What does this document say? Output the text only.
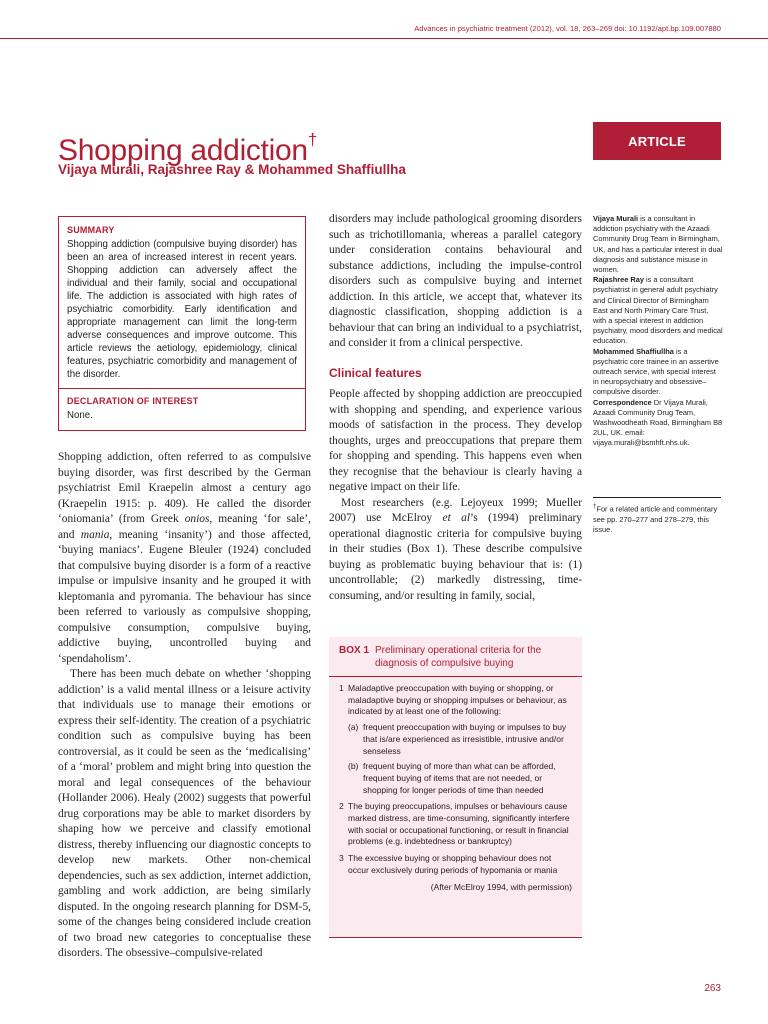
Advances in psychiatric treatment (2012), vol. 18, 263–269 doi: 10.1192/apt.bp.109.007880
Shopping addiction†
Vijaya Murali, Rajashree Ray & Mohammed Shaffiullha
ARTICLE
SUMMARY

Shopping addiction (compulsive buying disorder) has been an area of increased interest in recent years. Shopping addiction can adversely affect the individual and their family, social and occupational life. The addiction is associated with high rates of psychiatric comorbidity. Early identification and appropriate management can limit the long-term adverse consequences and improve outcome. This article reviews the aetiology, epidemiology, clinical features, psychiatric comorbidity and management of the disorder.

DECLARATION OF INTEREST

None.

Shopping addiction, often referred to as compulsive buying disorder, was first described by the German psychiatrist Emil Kraepelin almost a century ago (Kraepelin 1915: p. 409). He called the disorder ‘oniomania’ (from Greek onios, meaning ‘for sale’, and mania, meaning ‘insanity’) and those affected, ‘buying maniacs’. Eugene Bleuler (1924) concluded that compulsive buying disorder is a form of a reactive impulse or impulsive insanity and he grouped it with kleptomania and pyromania. The behaviour has since been referred to variously as compulsive shopping, compulsive consumption, compulsive buying, addictive buying, uncontrolled buying and ‘spendaholism’.

There has been much debate on whether ‘shopping addiction’ is a valid mental illness or a leisure activity that individuals use to manage their emotions or express their self-identity. The creation of a psychiatric condition such as compulsive buying has been controversial, as it could be seen as the ‘medicalising’ of a ‘moral’ problem and might bring into question the moral and legal consequences of the behaviour (Hollander 2006). Healy (2002) suggests that powerful drug corporations may be able to market disorders by shaping how we perceive and classify emotional distress, thereby influencing our diagnostic concepts to develop new markets. Other non-chemical dependencies, such as sex addiction, internet addiction, gambling and work addiction, are being similarly disputed. In the ongoing research planning for DSM-5, some of the changes being considered include creation of two broad new categories to conceptualise these disorders. The obsessive–compulsive-related

disorders may include pathological grooming disorders such as trichotillomania, whereas a parallel category under consideration contains behavioural and substance addictions, including the impulse-control disorders such as compulsive buying and internet addiction. In this article, we accept that, whatever its diagnostic classification, shopping addiction is a behaviour that can bring an individual to a psychiatrist, and consider it from a clinical perspective.

Clinical features

People affected by shopping addiction are preoccupied with shopping and spending, and experience various moods of satisfaction in the process. They develop thoughts, urges and preoccupations that prepare them for shopping and spending. This happens even when they recognise that the behaviour is clearly having a negative impact on their life.

Most researchers (e.g. Lejoyeux 1999; Mueller 2007) use McElroy et al’s (1994) preliminary operational diagnostic criteria for compulsive buying in their studies (Box 1). These describe compulsive buying as problematic buying behaviour that is: (1) uncontrollable; (2) markedly distressing, time-consuming, and/or resulting in family, social,

Vijaya Murali is a consultant in addiction psychiatry with the Azaadi Community Drug Team in Birmingham, UK, and has a particular interest in dual diagnosis and substance misuse in women.

Rajashree Ray is a consultant psychiatrist in general adult psychiatry and Clinical Director of Birmingham East and North Primary Care Trust, with a special interest in addiction psychiatry, mood disorders and medical education.

Mohammed Shaffiullha is a psychiatric core trainee in an assertive outreach service, with special interest in neuropsychiatry and obsessive–compulsive disorder.

Correspondence Dr Vijaya Murali, Azaadi Community Drug Team, Washwoodheath Road, Birmingham B8 2UL, UK. email: vijaya.murali@bsmhft.nhs.uk.

†For a related article and commentary see pp. 270–277 and 278–279, this issue.
BOX 1 Preliminary operational criteria for the diagnosis of compulsive buying
1 Maladaptive preoccupation with buying or shopping, or maladaptive buying or shopping impulses or behaviour, as indicated by at least one of the following:
(a) frequent preoccupation with buying or impulses to buy that is/are experienced as irresistible, intrusive and/or senseless
(b) frequent buying of more than what can be afforded, frequent buying of items that are not needed, or shopping for longer periods of time than needed
2 The buying preoccupations, impulses or behaviours cause marked distress, are time-consuming, significantly interfere with social or occupational functioning, or result in financial problems (e.g. indebtedness or bankruptcy)
3 The excessive buying or shopping behaviour does not occur exclusively during periods of hypomania or mania
(After McElroy 1994, with permission)
263
